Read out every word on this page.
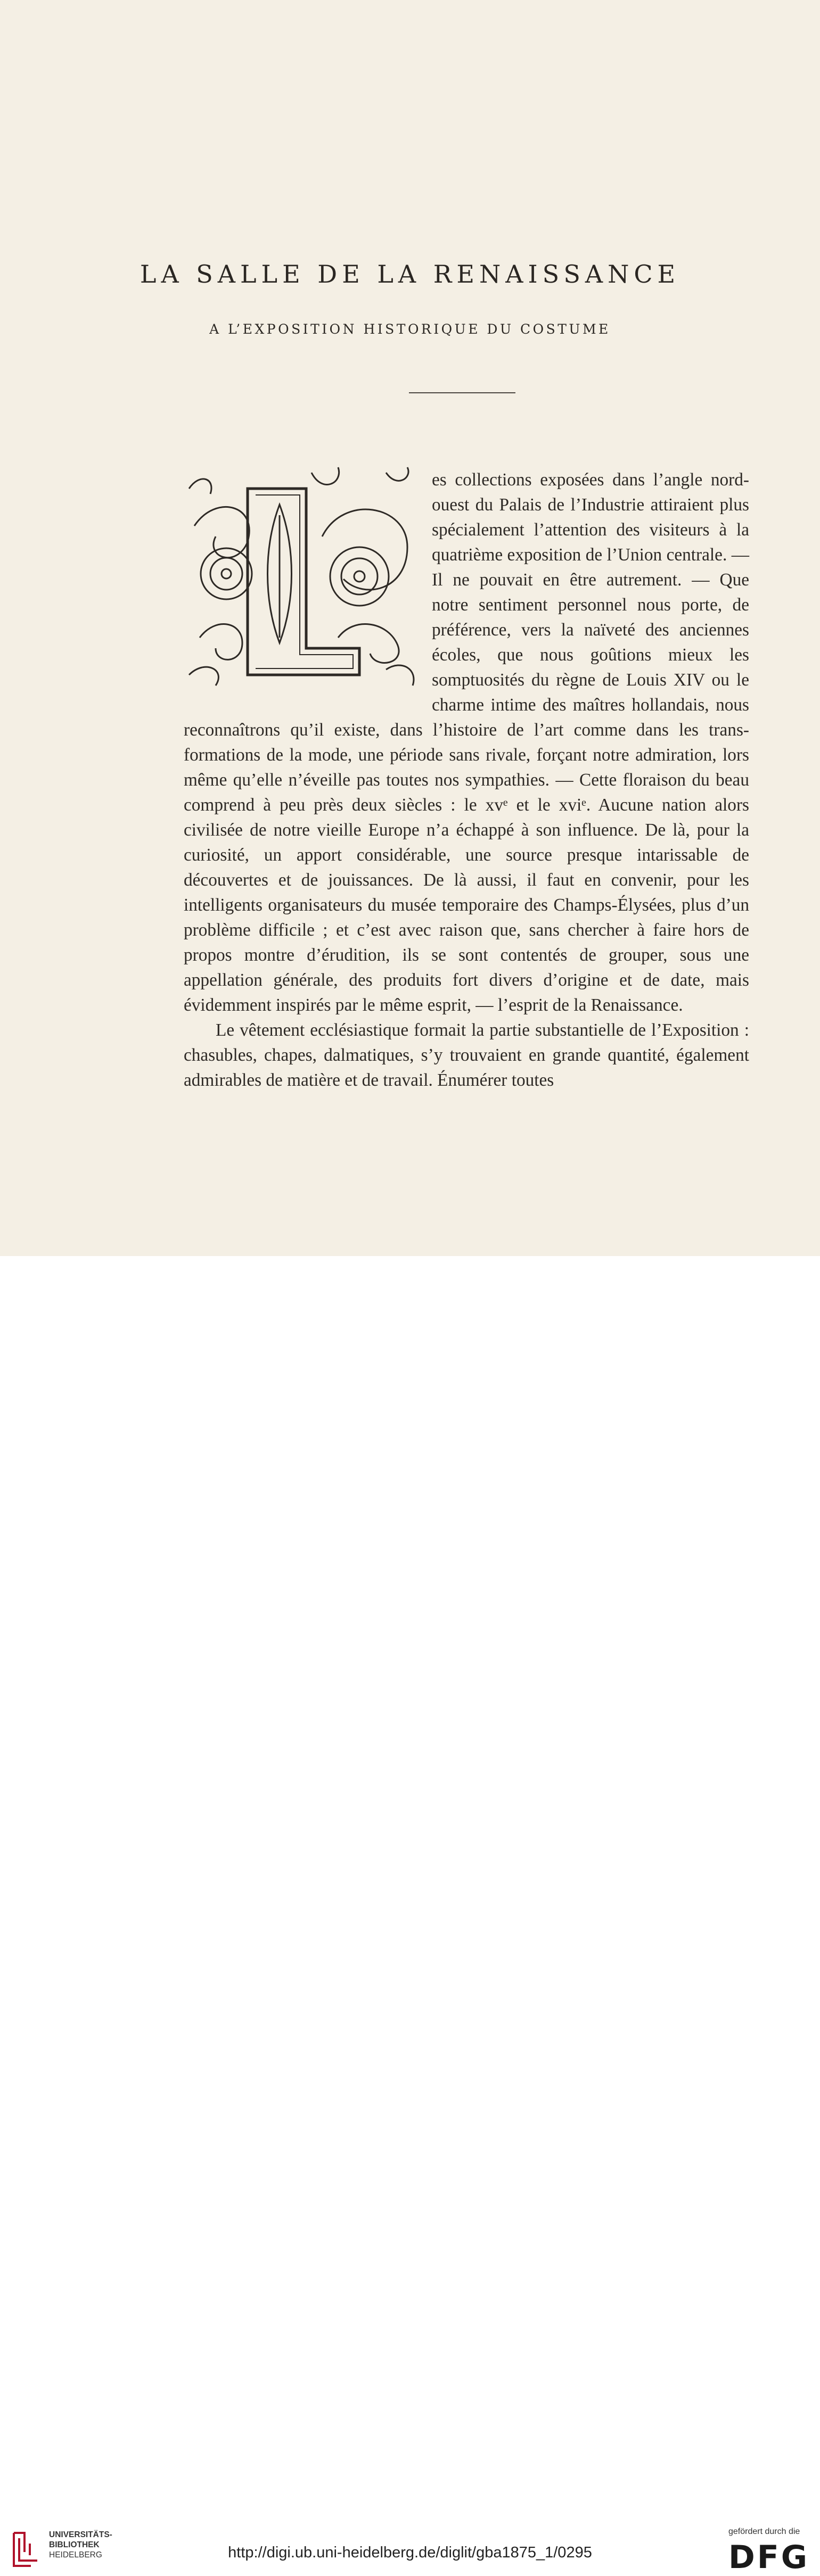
LA SALLE DE LA RENAISSANCE
A L’EXPOSITION HISTORIQUE DU COSTUME

es collections exposées dans l’angle nord-ouest du Palais de l’Industrie attiraient plus spécialement l’attention des visiteurs à la quatrième exposition de l’Union centrale. — Il ne pouvait en être autrement. — Que notre sentiment personnel nous porte, de préférence, vers la naïveté des anciennes écoles, que nous goûtions mieux les somptuosités du règne de Louis XIV ou le charme intime des maîtres hollandais, nous reconnaîtrons qu’il existe, dans l’histoire de l’art comme dans les transformations de la mode, une période sans rivale, forçant notre admiration, lors même qu’elle n’éveille pas toutes nos sympathies. — Cette floraison du beau comprend à peu près deux siècles : le xvᵉ et le xviᵉ. Aucune nation alors civilisée de notre vieille Europe n’a échappé à son influence. De là, pour la curiosité, un apport considérable, une source presque intarissable de découvertes et de jouissances. De là aussi, il faut en convenir, pour les intelligents organisateurs du musée temporaire des Champs-Élysées, plus d’un problème difficile ; et c’est avec raison que, sans chercher à faire hors de propos montre d’érudition, ils se sont contentés de grouper, sous une appellation générale, des produits fort divers d’origine et de date, mais évidemment inspirés par le même esprit, — l’esprit de la Renaissance.

Le vêtement ecclésiastique formait la partie substantielle de l’Exposition : chasubles, chapes, dalmatiques, s’y trouvaient en grande quantité, également admirables de matière et de travail. Énumérer toutes

UNIVERSITÄTS-
BIBLIOTHEK
HEIDELBERG	http://digi.ub.uni-heidelberg.de/diglit/gba1875_1/0295
gefördert durch die
DFG
